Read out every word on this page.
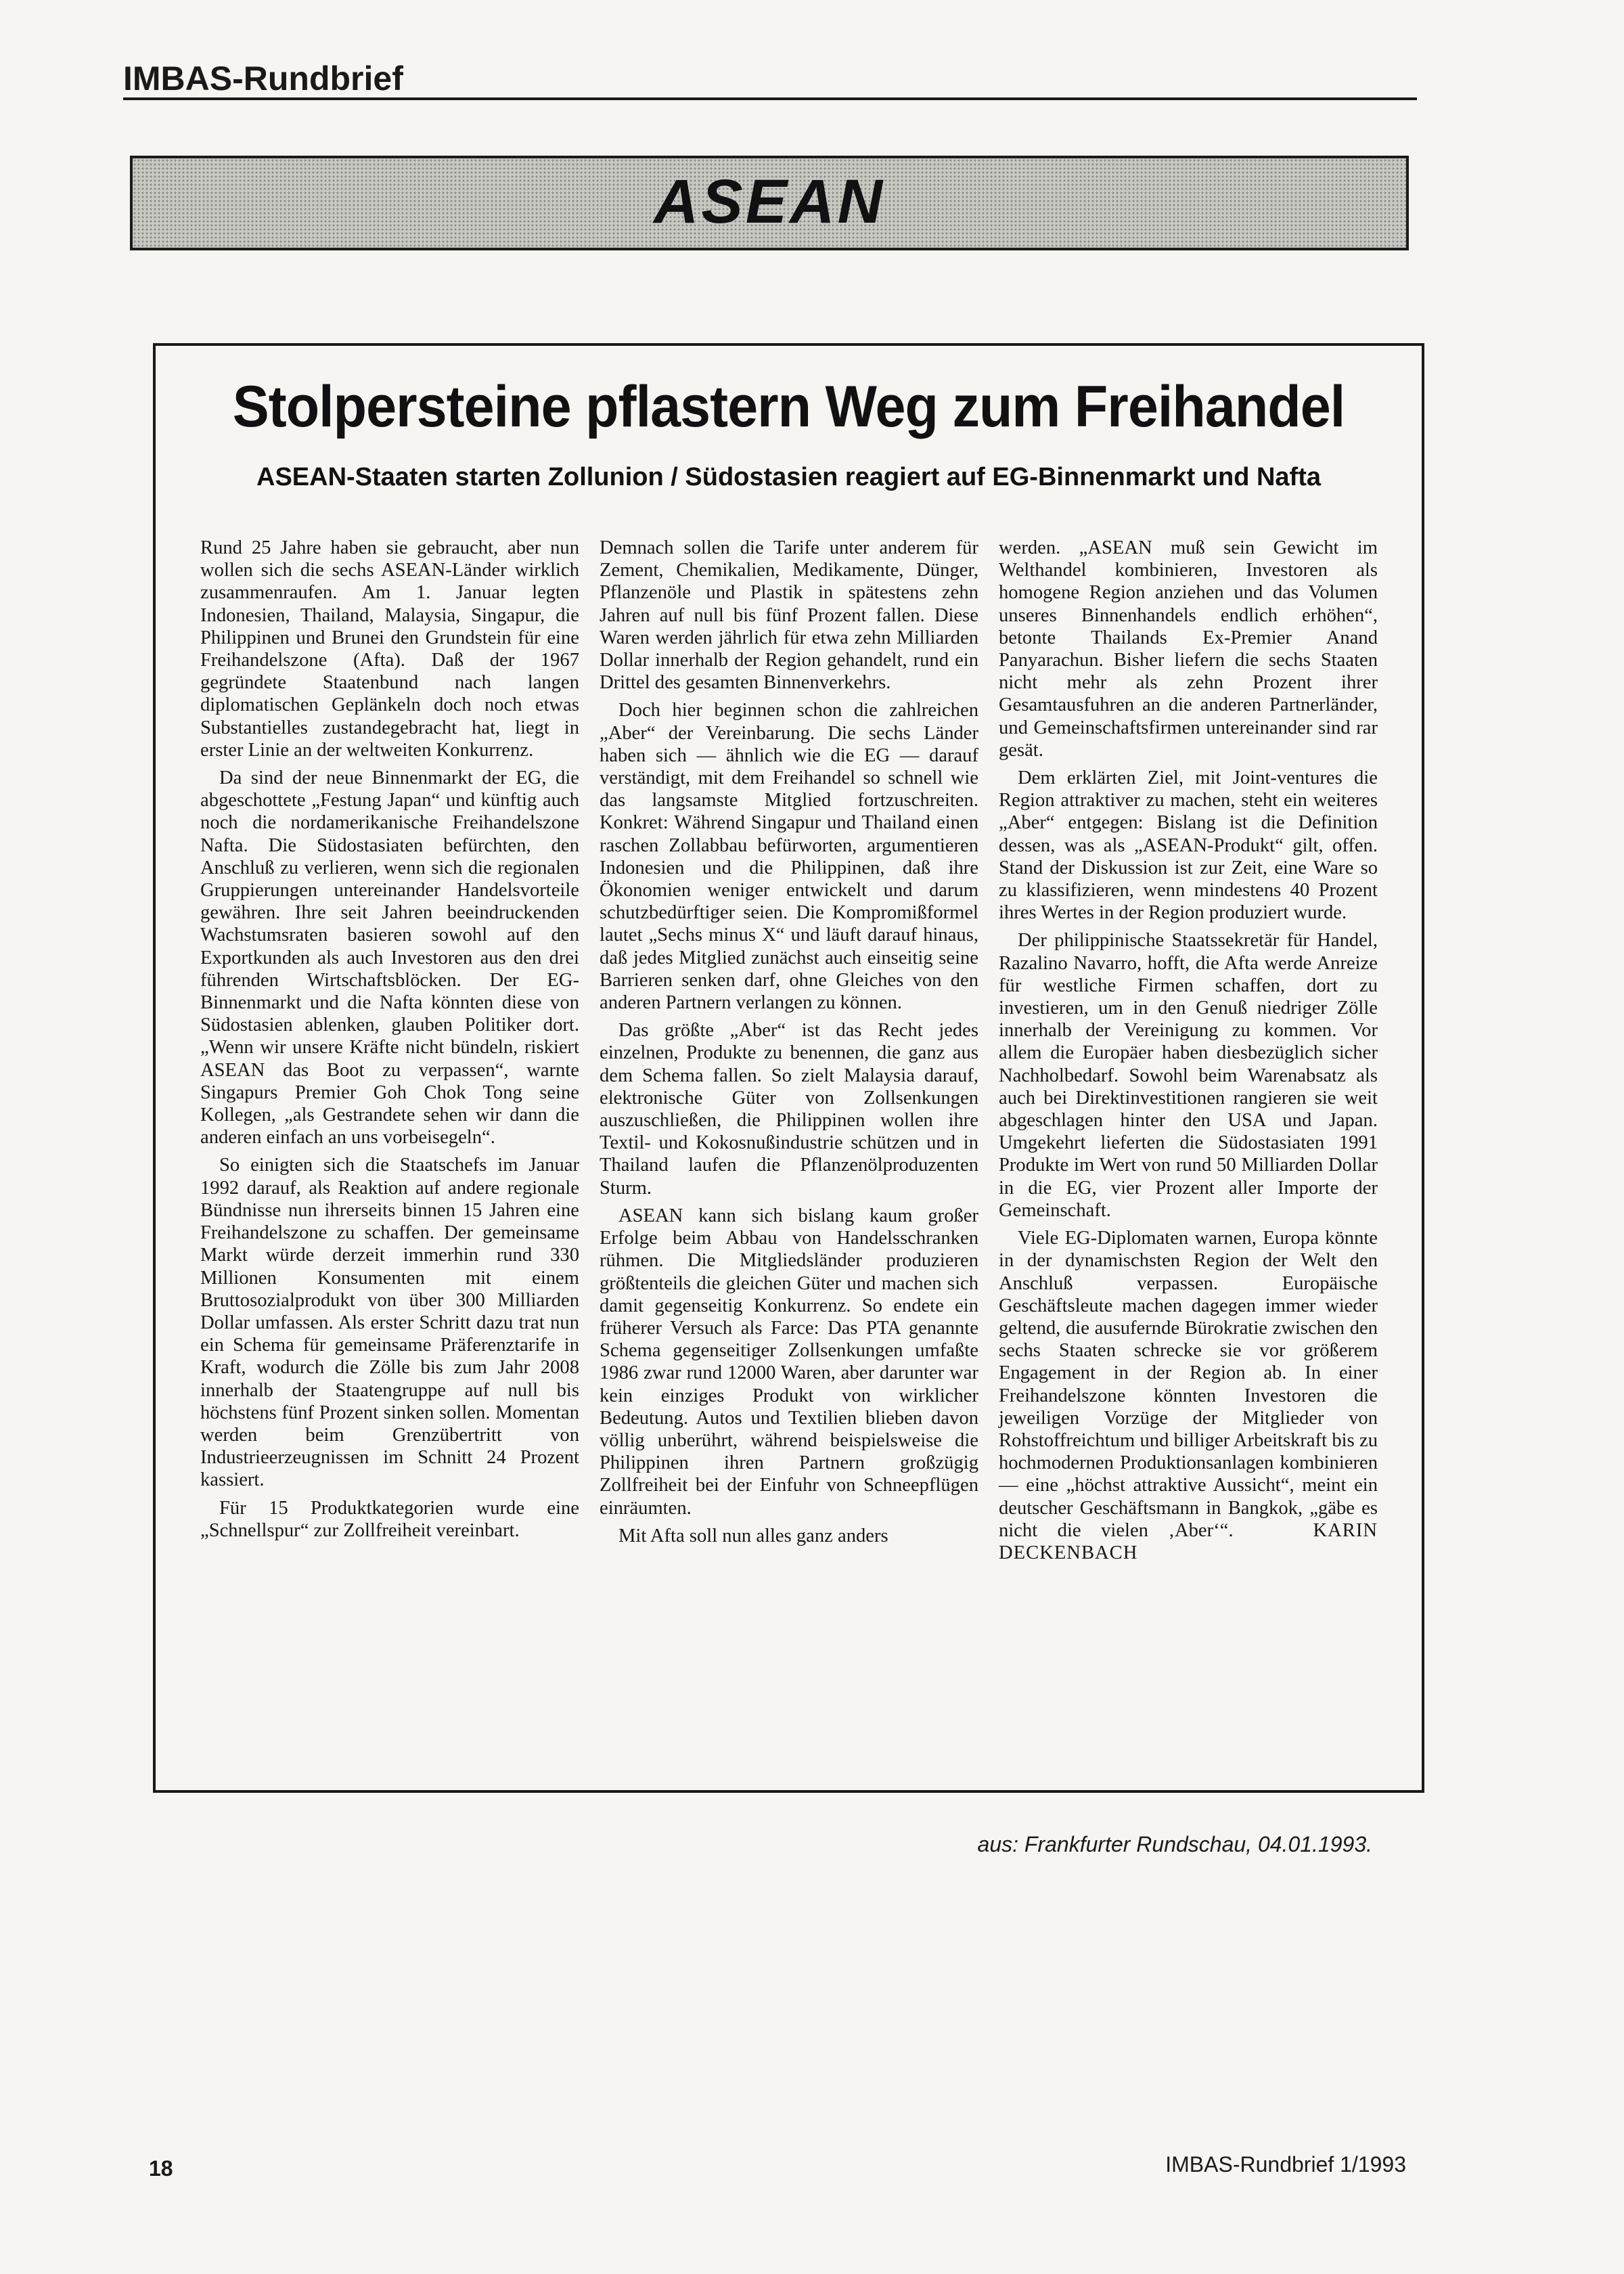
IMBAS-Rundbrief
ASEAN
Stolpersteine pflastern Weg zum Freihandel
ASEAN-Staaten starten Zollunion / Südostasien reagiert auf EG-Binnenmarkt und Nafta

Rund 25 Jahre haben sie gebraucht, aber nun wollen sich die sechs ASEAN-Länder wirklich zusammenraufen. Am 1. Januar legten Indonesien, Thailand, Malaysia, Singapur, die Philippinen und Brunei den Grundstein für eine Freihandelszone (Afta). Daß der 1967 gegründete Staatenbund nach langen diplomatischen Geplänkeln doch noch etwas Substantielles zustandegebracht hat, liegt in erster Linie an der weltweiten Konkurrenz.

Da sind der neue Binnenmarkt der EG, die abgeschottete „Festung Japan“ und künftig auch noch die nordamerikanische Freihandelszone Nafta. Die Südostasiaten befürchten, den Anschluß zu verlieren, wenn sich die regionalen Gruppierungen untereinander Handelsvorteile gewähren. Ihre seit Jahren beeindruckenden Wachstumsraten basieren sowohl auf den Exportkunden als auch Investoren aus den drei führenden Wirtschaftsblöcken. Der EG-Binnenmarkt und die Nafta könnten diese von Südostasien ablenken, glauben Politiker dort. „Wenn wir unsere Kräfte nicht bündeln, riskiert ASEAN das Boot zu verpassen“, warnte Singapurs Premier Goh Chok Tong seine Kollegen, „als Gestrandete sehen wir dann die anderen einfach an uns vorbeisegeln“.

So einigten sich die Staatschefs im Januar 1992 darauf, als Reaktion auf andere regionale Bündnisse nun ihrerseits binnen 15 Jahren eine Freihandelszone zu schaffen. Der gemeinsame Markt würde derzeit immerhin rund 330 Millionen Konsumenten mit einem Bruttosozialprodukt von über 300 Milliarden Dollar umfassen. Als erster Schritt dazu trat nun ein Schema für gemeinsame Präferenztarife in Kraft, wodurch die Zölle bis zum Jahr 2008 innerhalb der Staatengruppe auf null bis höchstens fünf Prozent sinken sollen. Momentan werden beim Grenzübertritt von Industrieerzeugnissen im Schnitt 24 Prozent kassiert.

Für 15 Produktkategorien wurde eine „Schnellspur“ zur Zollfreiheit vereinbart.

Demnach sollen die Tarife unter anderem für Zement, Chemikalien, Medikamente, Dünger, Pflanzenöle und Plastik in spätestens zehn Jahren auf null bis fünf Prozent fallen. Diese Waren werden jährlich für etwa zehn Milliarden Dollar innerhalb der Region gehandelt, rund ein Drittel des gesamten Binnenverkehrs.

Doch hier beginnen schon die zahlreichen „Aber“ der Vereinbarung. Die sechs Länder haben sich — ähnlich wie die EG — darauf verständigt, mit dem Freihandel so schnell wie das langsamste Mitglied fortzuschreiten. Konkret: Während Singapur und Thailand einen raschen Zollabbau befürworten, argumentieren Indonesien und die Philippinen, daß ihre Ökonomien weniger entwickelt und darum schutzbedürftiger seien. Die Kompromißformel lautet „Sechs minus X“ und läuft darauf hinaus, daß jedes Mitglied zunächst auch einseitig seine Barrieren senken darf, ohne Gleiches von den anderen Partnern verlangen zu können.

Das größte „Aber“ ist das Recht jedes einzelnen, Produkte zu benennen, die ganz aus dem Schema fallen. So zielt Malaysia darauf, elektronische Güter von Zollsenkungen auszuschließen, die Philippinen wollen ihre Textil- und Kokosnußindustrie schützen und in Thailand laufen die Pflanzenölproduzenten Sturm.

ASEAN kann sich bislang kaum großer Erfolge beim Abbau von Handelsschranken rühmen. Die Mitgliedsländer produzieren größtenteils die gleichen Güter und machen sich damit gegenseitig Konkurrenz. So endete ein früherer Versuch als Farce: Das PTA genannte Schema gegenseitiger Zollsenkungen umfaßte 1986 zwar rund 12000 Waren, aber darunter war kein einziges Produkt von wirklicher Bedeutung. Autos und Textilien blieben davon völlig unberührt, während beispielsweise die Philippinen ihren Partnern großzügig Zollfreiheit bei der Einfuhr von Schneepflügen einräumten.

Mit Afta soll nun alles ganz anders

werden. „ASEAN muß sein Gewicht im Welthandel kombinieren, Investoren als homogene Region anziehen und das Volumen unseres Binnenhandels endlich erhöhen“, betonte Thailands Ex-Premier Anand Panyarachun. Bisher liefern die sechs Staaten nicht mehr als zehn Prozent ihrer Gesamtausfuhren an die anderen Partnerländer, und Gemeinschaftsfirmen untereinander sind rar gesät.

Dem erklärten Ziel, mit Joint-ventures die Region attraktiver zu machen, steht ein weiteres „Aber“ entgegen: Bislang ist die Definition dessen, was als „ASEAN-Produkt“ gilt, offen. Stand der Diskussion ist zur Zeit, eine Ware so zu klassifizieren, wenn mindestens 40 Prozent ihres Wertes in der Region produziert wurde.

Der philippinische Staatssekretär für Handel, Razalino Navarro, hofft, die Afta werde Anreize für westliche Firmen schaffen, dort zu investieren, um in den Genuß niedriger Zölle innerhalb der Vereinigung zu kommen. Vor allem die Europäer haben diesbezüglich sicher Nachholbedarf. Sowohl beim Warenabsatz als auch bei Direktinvestitionen rangieren sie weit abgeschlagen hinter den USA und Japan. Umgekehrt lieferten die Südostasiaten 1991 Produkte im Wert von rund 50 Milliarden Dollar in die EG, vier Prozent aller Importe der Gemeinschaft.

Viele EG-Diplomaten warnen, Europa könnte in der dynamischsten Region der Welt den Anschluß verpassen. Europäische Geschäftsleute machen dagegen immer wieder geltend, die ausufernde Bürokratie zwischen den sechs Staaten schrecke sie vor größerem Engagement in der Region ab. In einer Freihandelszone könnten Investoren die jeweiligen Vorzüge der Mitglieder von Rohstoffreichtum und billiger Arbeitskraft bis zu hochmodernen Produktionsanlagen kombinieren — eine „höchst attraktive Aussicht“, meint ein deutscher Geschäftsmann in Bangkok, „gäbe es nicht die vielen ‚Aber‘“.	KARIN DECKENBACH

aus: Frankfurter Rundschau, 04.01.1993.
18	IMBAS-Rundbrief 1/1993
